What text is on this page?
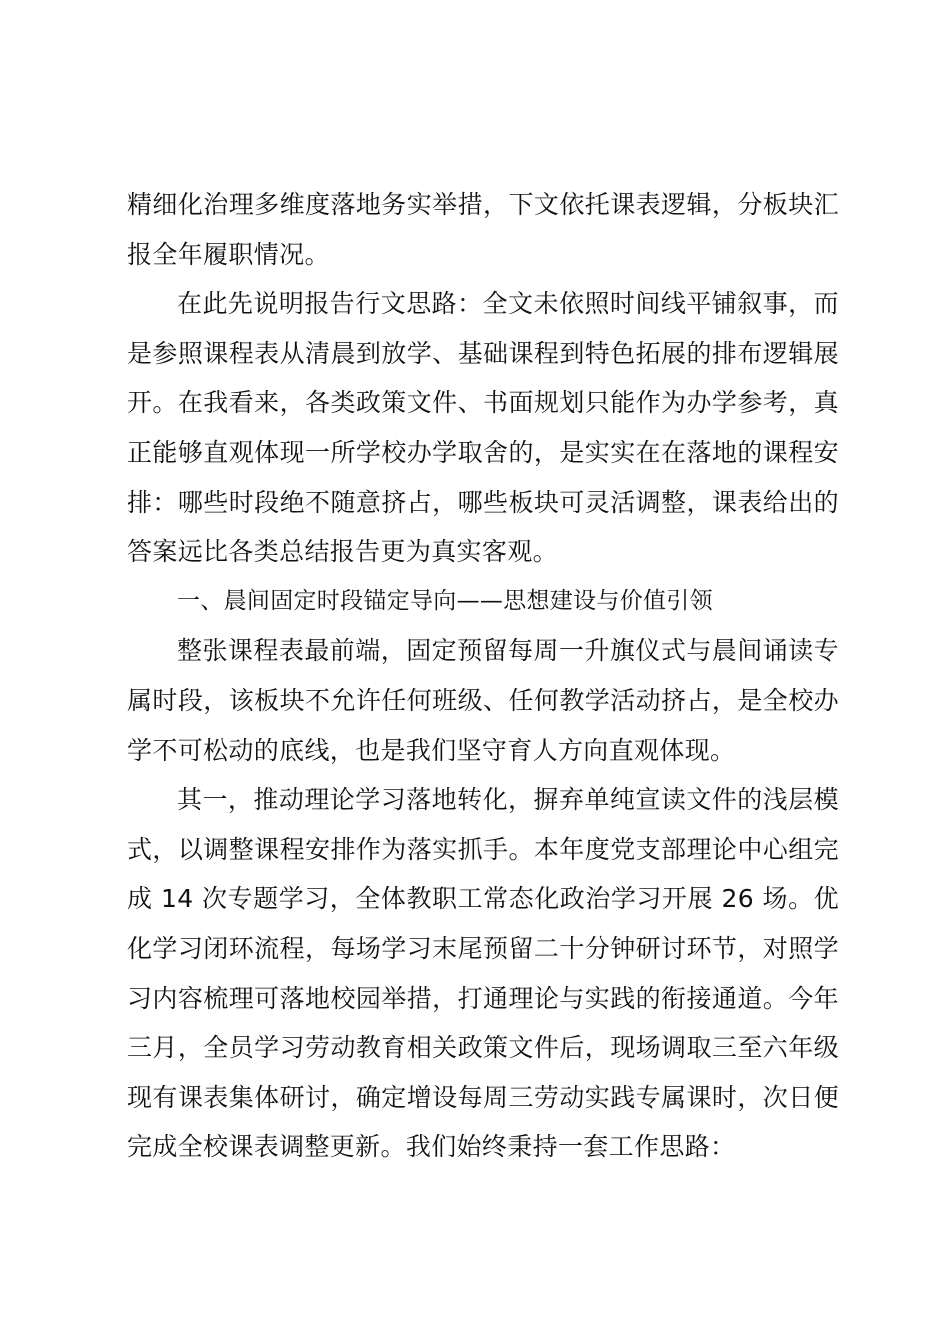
精细化治理多维度落地务实举措，下文依托课表逻辑，分板块汇报全年履职情况。

在此先说明报告行文思路：全文未依照时间线平铺叙事，而是参照课程表从清晨到放学、基础课程到特色拓展的排布逻辑展开。在我看来，各类政策文件、书面规划只能作为办学参考，真正能够直观体现一所学校办学取舍的，是实实在在落地的课程安排：哪些时段绝不随意挤占，哪些板块可灵活调整，课表给出的答案远比各类总结报告更为真实客观。

一、晨间固定时段锚定导向——思想建设与价值引领

整张课程表最前端，固定预留每周一升旗仪式与晨间诵读专属时段，该板块不允许任何班级、任何教学活动挤占，是全校办学不可松动的底线，也是我们坚守育人方向直观体现。

其一，推动理论学习落地转化，摒弃单纯宣读文件的浅层模式，以调整课程安排作为落实抓手。本年度党支部理论中心组完成 14 次专题学习，全体教职工常态化政治学习开展 26 场。优化学习闭环流程，每场学习末尾预留二十分钟研讨环节，对照学习内容梳理可落地校园举措，打通理论与实践的衔接通道。今年三月，全员学习劳动教育相关政策文件后，现场调取三至六年级现有课表集体研讨，确定增设每周三劳动实践专属课时，次日便完成全校课表调整更新。我们始终秉持一套工作思路：
